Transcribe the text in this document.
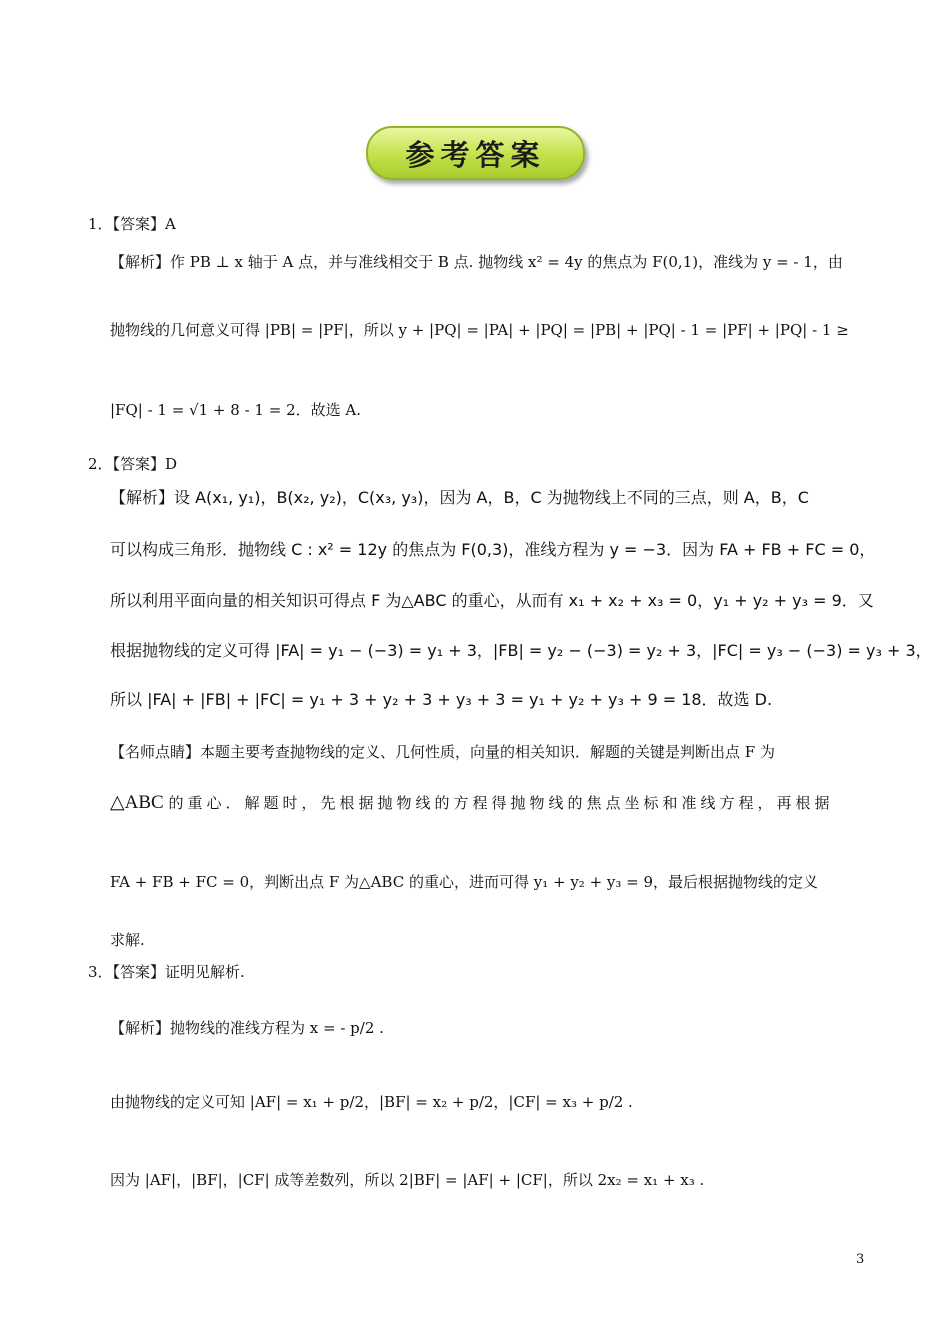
参考答案
1．【答案】A
【解析】作 PB ⊥ x 轴于 A 点，并与准线相交于 B 点. 抛物线 x² = 4y 的焦点为 F(0,1)，准线为 y = - 1，由
抛物线的几何意义可得 |PB| = |PF|，所以 y + |PQ| = |PA| + |PQ| = |PB| + |PQ| - 1 = |PF| + |PQ| - 1 ≥
|FQ| - 1 = √1 + 8 - 1 = 2．故选 A.
2．【答案】D
【解析】设 A(x₁, y₁)，B(x₂, y₂)，C(x₃, y₃)，因为 A，B，C 为抛物线上不同的三点，则 A，B，C
可以构成三角形．抛物线 C : x² = 12y 的焦点为 F(0,3)，准线方程为 y = −3．因为 FA + FB + FC = 0，
所以利用平面向量的相关知识可得点 F 为△ABC 的重心，从而有 x₁ + x₂ + x₃ = 0，y₁ + y₂ + y₃ = 9．又
根据抛物线的定义可得 |FA| = y₁ − (−3) = y₁ + 3，|FB| = y₂ − (−3) = y₂ + 3，|FC| = y₃ − (−3) = y₃ + 3，
所以 |FA| + |FB| + |FC| = y₁ + 3 + y₂ + 3 + y₃ + 3 = y₁ + y₂ + y₃ + 9 = 18．故选 D.
【名师点睛】本题主要考查抛物线的定义、几何性质，向量的相关知识．解题的关键是判断出点 F 为
△ABC 的重心．解题时，先根据抛物线的方程得抛物线的焦点坐标和准线方程，再根据
FA + FB + FC = 0，判断出点 F 为△ABC 的重心，进而可得 y₁ + y₂ + y₃ = 9，最后根据抛物线的定义
求解.
3．【答案】证明见解析.
【解析】抛物线的准线方程为 x = - p/2 .
由抛物线的定义可知 |AF| = x₁ + p/2，|BF| = x₂ + p/2，|CF| = x₃ + p/2 .
因为 |AF|，|BF|，|CF| 成等差数列，所以 2|BF| = |AF| + |CF|，所以 2x₂ = x₁ + x₃ .
3
